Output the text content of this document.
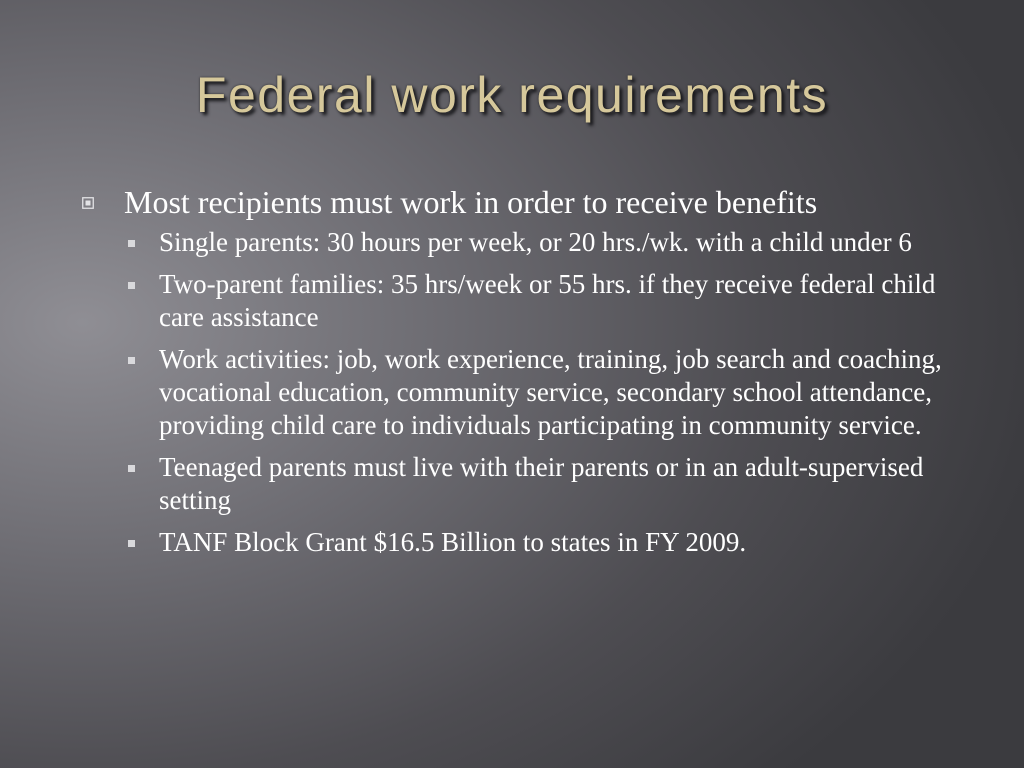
Federal work requirements
Most recipients must work in order to receive benefits
Single parents: 30 hours per week, or 20 hrs./wk. with a child under 6
Two-parent families: 35 hrs/week or 55 hrs. if they receive federal child care assistance
Work activities: job, work experience, training, job search and coaching, vocational education, community service, secondary school attendance, providing child care to individuals participating in community service.
Teenaged parents must live with their parents or in an adult-supervised setting
TANF Block Grant $16.5 Billion to states in FY 2009.
